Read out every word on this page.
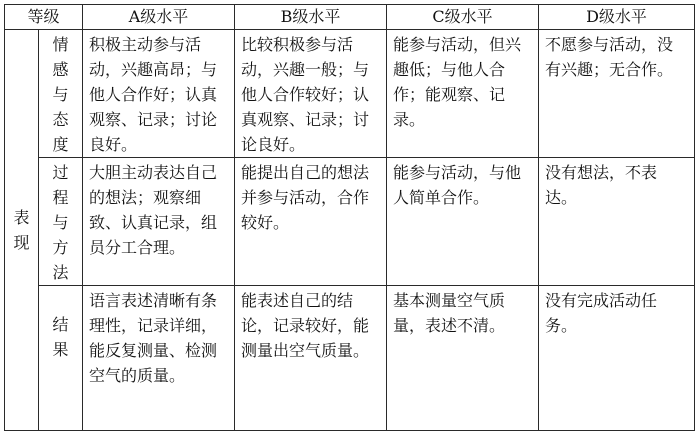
等级		A级水平	B级水平	C级水平	D级水平

表现	情感与态度	积极主动参与活动，兴趣高昂；与他人合作好；认真观察、记录；讨论良好。	比较积极参与活动，兴趣一般；与他人合作较好；认真观察、记录；讨论良好。	能参与活动，但兴趣低；与他人合作；能观察、记录。	不愿参与活动，没有兴趣；无合作。

	过程与方法	大胆主动表达自己的想法；观察细致、认真记录，组员分工合理。	能提出自己的想法并参与活动，合作较好。	能参与活动，与他人简单合作。	没有想法，不表达。

	结果	语言表述清晰有条理性，记录详细，能反复测量、检测空气的质量。	能表述自己的结论，记录较好，能测量出空气质量。	基本测量空气质量，表述不清。	没有完成活动任务。
